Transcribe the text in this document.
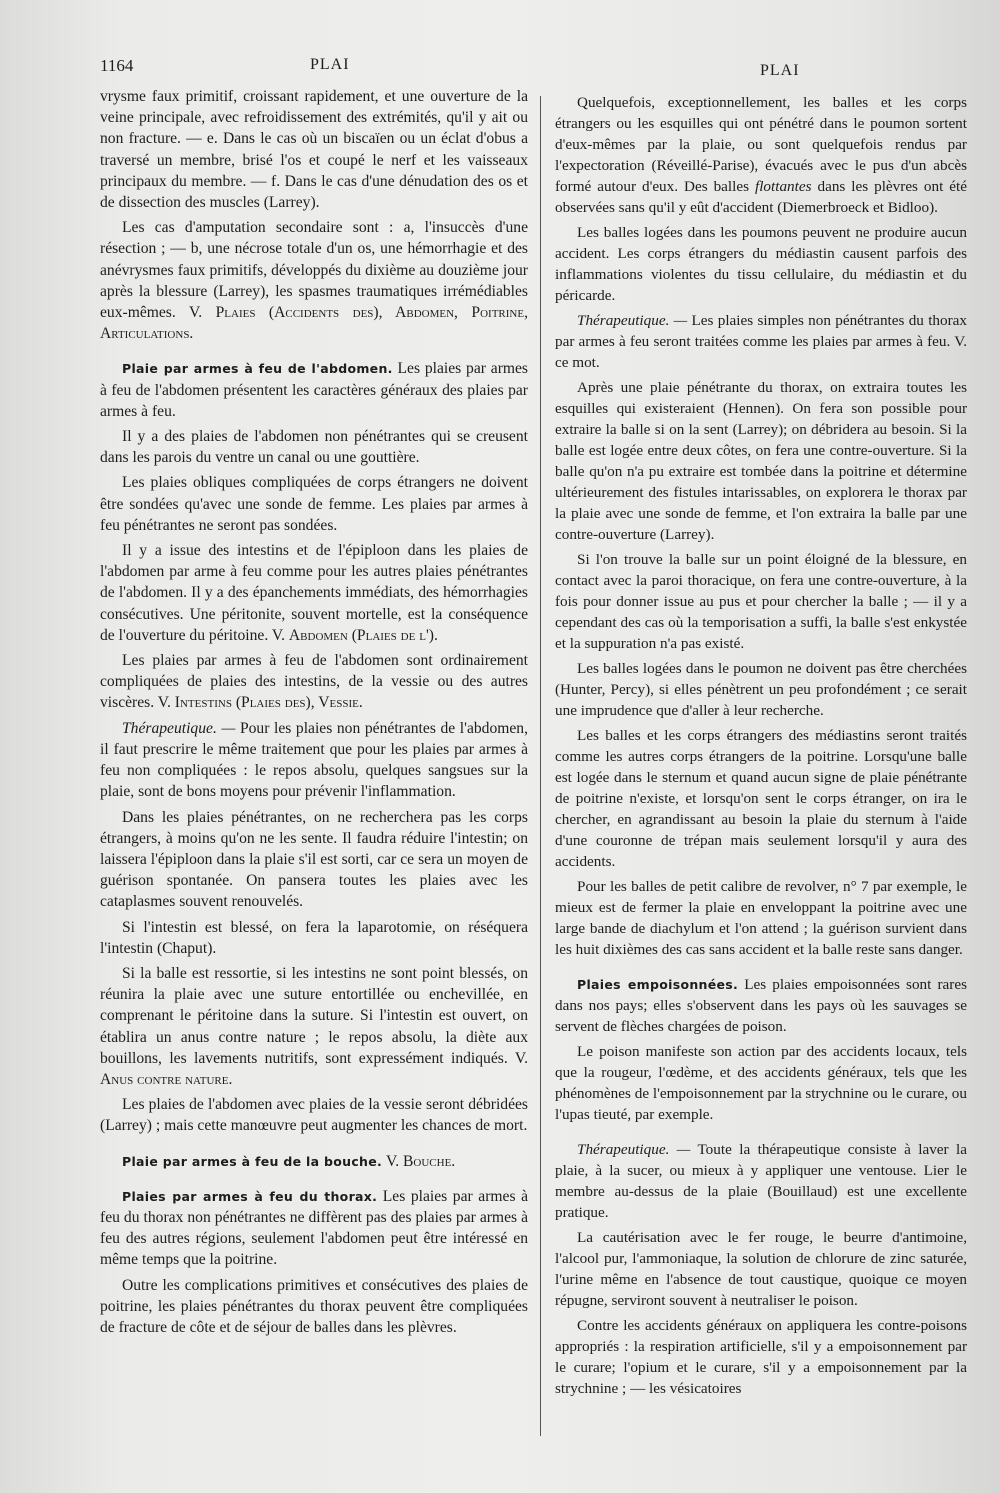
1164	PLAI	PLAI

vrysme faux primitif, croissant rapidement, et une ouverture de la veine principale, avec refroidissement des extrémités, qu'il y ait ou non fracture. — e. Dans le cas où un biscaïen ou un éclat d'obus a traversé un membre, brisé l'os et coupé le nerf et les vaisseaux principaux du membre. — f. Dans le cas d'une dénudation des os et de dissection des muscles (Larrey).

Les cas d'amputation secondaire sont : a, l'insuccès d'une résection ; — b, une nécrose totale d'un os, une hémorrhagie et des anévrysmes faux primitifs, développés du dixième au douzième jour après la blessure (Larrey), les spasmes traumatiques irrémédiables eux-mêmes. V. Plaies (Accidents des), Abdomen, Poitrine, Articulations.

Plaie par armes à feu de l'abdomen. Les plaies par armes à feu de l'abdomen présentent les caractères généraux des plaies par armes à feu.

Il y a des plaies de l'abdomen non pénétrantes qui se creusent dans les parois du ventre un canal ou une gouttière.

Les plaies obliques compliquées de corps étrangers ne doivent être sondées qu'avec une sonde de femme. Les plaies par armes à feu pénétrantes ne seront pas sondées.

Il y a issue des intestins et de l'épiploon dans les plaies de l'abdomen par arme à feu comme pour les autres plaies pénétrantes de l'abdomen. Il y a des épanchements immédiats, des hémorrhagies consécutives. Une péritonite, souvent mortelle, est la conséquence de l'ouverture du péritoine. V. Abdomen (Plaies de l').

Les plaies par armes à feu de l'abdomen sont ordinairement compliquées de plaies des intestins, de la vessie ou des autres viscères. V. Intestins (Plaies des), Vessie.

Thérapeutique. — Pour les plaies non pénétrantes de l'abdomen, il faut prescrire le même traitement que pour les plaies par armes à feu non compliquées : le repos absolu, quelques sangsues sur la plaie, sont de bons moyens pour prévenir l'inflammation.

Dans les plaies pénétrantes, on ne recherchera pas les corps étrangers, à moins qu'on ne les sente. Il faudra réduire l'intestin; on laissera l'épiploon dans la plaie s'il est sorti, car ce sera un moyen de guérison spontanée. On pansera toutes les plaies avec les cataplasmes souvent renouvelés.

Si l'intestin est blessé, on fera la laparotomie, on réséquera l'intestin (Chaput).

Si la balle est ressortie, si les intestins ne sont point blessés, on réunira la plaie avec une suture entortillée ou enchevillée, en comprenant le péritoine dans la suture. Si l'intestin est ouvert, on établira un anus contre nature ; le repos absolu, la diète aux bouillons, les lavements nutritifs, sont expressément indiqués. V. Anus contre nature.

Les plaies de l'abdomen avec plaies de la vessie seront débridées (Larrey) ; mais cette manœuvre peut augmenter les chances de mort.

Plaie par armes à feu de la bouche. V. Bouche.

Plaies par armes à feu du thorax. Les plaies par armes à feu du thorax non pénétrantes ne diffèrent pas des plaies par armes à feu des autres régions, seulement l'abdomen peut être intéressé en même temps que la poitrine.

Outre les complications primitives et consécutives des plaies de poitrine, les plaies pénétrantes du thorax peuvent être compliquées de fracture de côte et de séjour de balles dans les plèvres.

Quelquefois, exceptionnellement, les balles et les corps étrangers ou les esquilles qui ont pénétré dans le poumon sortent d'eux-mêmes par la plaie, ou sont quelquefois rendus par l'expectoration (Réveillé-Parise), évacués avec le pus d'un abcès formé autour d'eux. Des balles flottantes dans les plèvres ont été observées sans qu'il y eût d'accident (Diemerbroeck et Bidloo).

Les balles logées dans les poumons peuvent ne produire aucun accident. Les corps étrangers du médiastin causent parfois des inflammations violentes du tissu cellulaire, du médiastin et du péricarde.

Thérapeutique. — Les plaies simples non pénétrantes du thorax par armes à feu seront traitées comme les plaies par armes à feu. V. ce mot.

Après une plaie pénétrante du thorax, on extraira toutes les esquilles qui existeraient (Hennen). On fera son possible pour extraire la balle si on la sent (Larrey); on débridera au besoin. Si la balle est logée entre deux côtes, on fera une contre-ouverture. Si la balle qu'on n'a pu extraire est tombée dans la poitrine et détermine ultérieurement des fistules intarissables, on explorera le thorax par la plaie avec une sonde de femme, et l'on extraira la balle par une contre-ouverture (Larrey).

Si l'on trouve la balle sur un point éloigné de la blessure, en contact avec la paroi thoracique, on fera une contre-ouverture, à la fois pour donner issue au pus et pour chercher la balle ; — il y a cependant des cas où la temporisation a suffi, la balle s'est enkystée et la suppuration n'a pas existé.

Les balles logées dans le poumon ne doivent pas être cherchées (Hunter, Percy), si elles pénètrent un peu profondément ; ce serait une imprudence que d'aller à leur recherche.

Les balles et les corps étrangers des médiastins seront traités comme les autres corps étrangers de la poitrine. Lorsqu'une balle est logée dans le sternum et quand aucun signe de plaie pénétrante de poitrine n'existe, et lorsqu'on sent le corps étranger, on ira le chercher, en agrandissant au besoin la plaie du sternum à l'aide d'une couronne de trépan mais seulement lorsqu'il y aura des accidents.

Pour les balles de petit calibre de revolver, n° 7 par exemple, le mieux est de fermer la plaie en enveloppant la poitrine avec une large bande de diachylum et l'on attend ; la guérison survient dans les huit dixièmes des cas sans accident et la balle reste sans danger.

Plaies empoisonnées. Les plaies empoisonnées sont rares dans nos pays; elles s'observent dans les pays où les sauvages se servent de flèches chargées de poison.

Le poison manifeste son action par des accidents locaux, tels que la rougeur, l'œdème, et des accidents généraux, tels que les phénomènes de l'empoisonnement par la strychnine ou le curare, ou l'upas tieuté, par exemple.

Thérapeutique. — Toute la thérapeutique consiste à laver la plaie, à la sucer, ou mieux à y appliquer une ventouse. Lier le membre au-dessus de la plaie (Bouillaud) est une excellente pratique.

La cautérisation avec le fer rouge, le beurre d'antimoine, l'alcool pur, l'ammoniaque, la solution de chlorure de zinc saturée, l'urine même en l'absence de tout caustique, quoique ce moyen répugne, serviront souvent à neutraliser le poison.

Contre les accidents généraux on appliquera les contre-poisons appropriés : la respiration artificielle, s'il y a empoisonnement par le curare; l'opium et le curare, s'il y a empoisonnement par la strychnine ; — les vésicatoires
